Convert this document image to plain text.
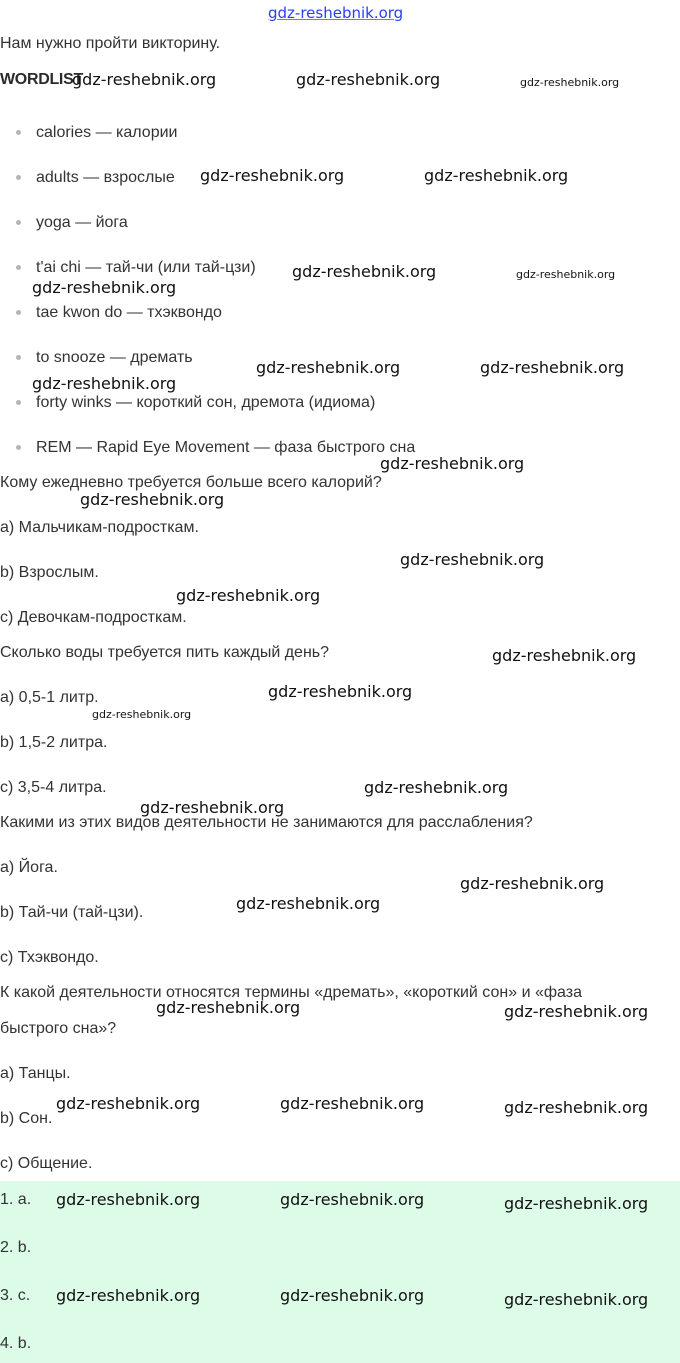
gdz-reshebnik.org
Нам нужно пройти викторину.
WORDLIST
calories — калории
adults — взрослые
yoga — йога
t'ai chi — тай-чи (или тай-цзи)
tae kwon do — тхэквондо
to snooze — дремать
forty winks — короткий сон, дремота (идиома)
REM — Rapid Eye Movement — фаза быстрого сна
Кому ежедневно требуется больше всего калорий?
a) Мальчикам-подросткам.
b) Взрослым.
c) Девочкам-подросткам.
Сколько воды требуется пить каждый день?
a) 0,5-1 литр.
b) 1,5-2 литра.
c) 3,5-4 литра.
Какими из этих видов деятельности не занимаются для расслабления?
a) Йога.
b) Тай-чи (тай-цзи).
c) Тхэквондо.
К какой деятельности относятся термины «дремать», «короткий сон» и «фаза
быстрого сна»?
a) Танцы.
b) Сон.
c) Общение.
1. a.
2. b.
3. c.
4. b.
gdz-reshebnik.org	gdz-reshebnik.org	gdz-reshebnik.org
gdz-reshebnik.org	gdz-reshebnik.org
gdz-reshebnik.org	gdz-reshebnik.org
gdz-reshebnik.org
gdz-reshebnik.org	gdz-reshebnik.org
gdz-reshebnik.org
gdz-reshebnik.org
gdz-reshebnik.org
gdz-reshebnik.org
gdz-reshebnik.org
gdz-reshebnik.org
gdz-reshebnik.org
gdz-reshebnik.org
gdz-reshebnik.org
gdz-reshebnik.org
gdz-reshebnik.org
gdz-reshebnik.org
gdz-reshebnik.org	gdz-reshebnik.org
gdz-reshebnik.org	gdz-reshebnik.org	gdz-reshebnik.org
gdz-reshebnik.org	gdz-reshebnik.org	gdz-reshebnik.org
gdz-reshebnik.org	gdz-reshebnik.org	gdz-reshebnik.org
